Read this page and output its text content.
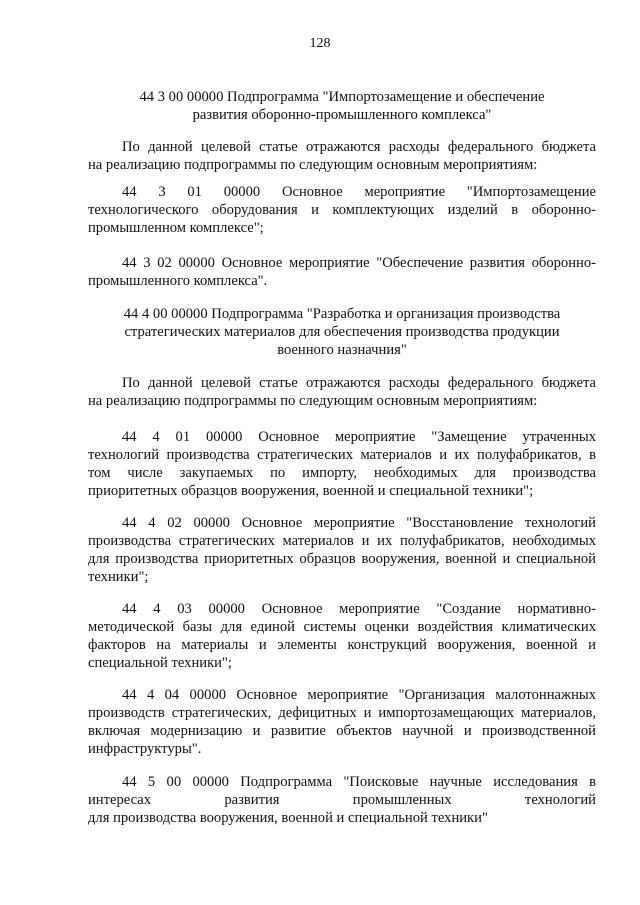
128
44 3 00 00000 Подпрограмма "Импортозамещение и обеспечение
развития оборонно-промышленного комплекса"
По данной целевой статье отражаются расходы федерального бюджета
на реализацию подпрограммы по следующим основным мероприятиям:
44 3 01 00000 Основное мероприятие "Импортозамещение
технологического оборудования и комплектующих изделий в оборонно-
промышленном комплексе";
44 3 02 00000 Основное мероприятие "Обеспечение развития оборонно-
промышленного комплекса".
44 4 00 00000 Подпрограмма "Разработка и организация производства
стратегических материалов для обеспечения производства продукции
военного назначния"
По данной целевой статье отражаются расходы федерального бюджета
на реализацию подпрограммы по следующим основным мероприятиям:
44 4 01 00000 Основное мероприятие "Замещение утраченных
технологий производства стратегических материалов и их полуфабрикатов, в
том числе закупаемых по импорту, необходимых для производства
приоритетных образцов вооружения, военной и специальной техники";
44 4 02 00000 Основное мероприятие "Восстановление технологий
производства стратегических материалов и их полуфабрикатов, необходимых
для производства приоритетных образцов вооружения, военной и специальной
техники";
44 4 03 00000 Основное мероприятие "Создание нормативно-
методической базы для единой системы оценки воздействия климатических
факторов на материалы и элементы конструкций вооружения, военной и
специальной техники";
44 4 04 00000 Основное мероприятие "Организация малотоннажных
производств стратегических, дефицитных и импортозамещающих материалов,
включая модернизацию и развитие объектов научной и производственной
инфраструктуры".
44 5 00 00000 Подпрограмма "Поисковые научные исследования в
интересах развития промышленных технологий
для производства вооружения, военной и специальной техники"
